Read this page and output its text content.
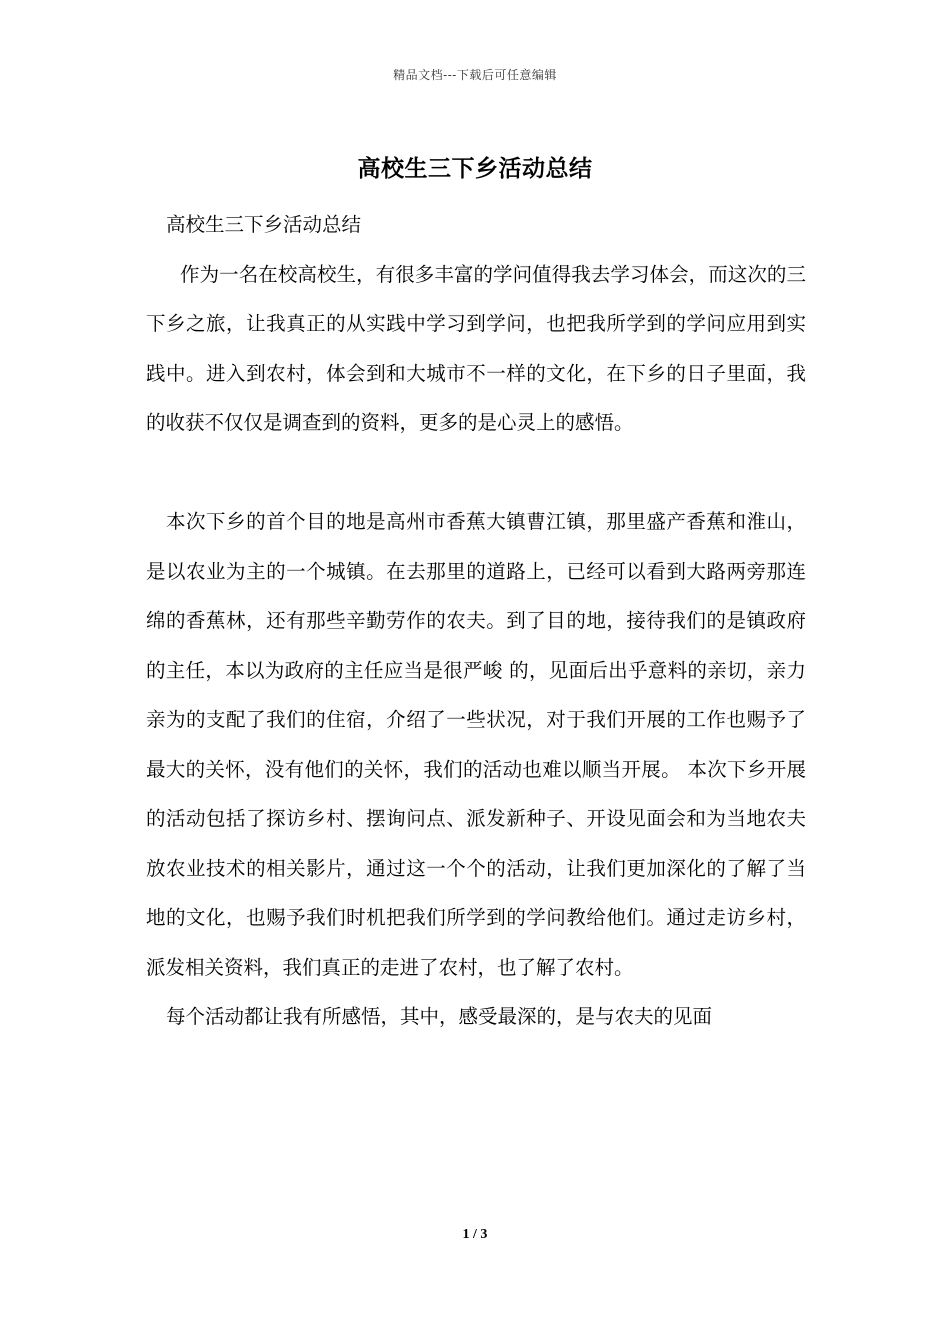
精品文档---下载后可任意编辑
高校生三下乡活动总结

高校生三下乡活动总结

作为一名在校高校生，有很多丰富的学问值得我去学习体会，而这次的三下乡之旅，让我真正的从实践中学习到学问，也把我所学到的学问应用到实践中。进入到农村，体会到和大城市不一样的文化，在下乡的日子里面，我的收获不仅仅是调查到的资料，更多的是心灵上的感悟。

本次下乡的首个目的地是高州市香蕉大镇曹江镇，那里盛产香蕉和淮山，是以农业为主的一个城镇。在去那里的道路上，已经可以看到大路两旁那连绵的香蕉林，还有那些辛勤劳作的农夫。到了目的地，接待我们的是镇政府的主任，本以为政府的主任应当是很严峻 的，见面后出乎意料的亲切，亲力亲为的支配了我们的住宿，介绍了一些状况，对于我们开展的工作也赐予了最大的关怀，没有他们的关怀，我们的活动也难以顺当开展。 本次下乡开展的活动包括了探访乡村、摆询问点、派发新种子、开设见面会和为当地农夫放农业技术的相关影片，通过这一个个的活动，让我们更加深化的了解了当地的文化，也赐予我们时机把我们所学到的学问教给他们。通过走访乡村，派发相关资料，我们真正的走进了农村，也了解了农村。

每个活动都让我有所感悟，其中，感受最深的，是与农夫的见面

1 / 3
